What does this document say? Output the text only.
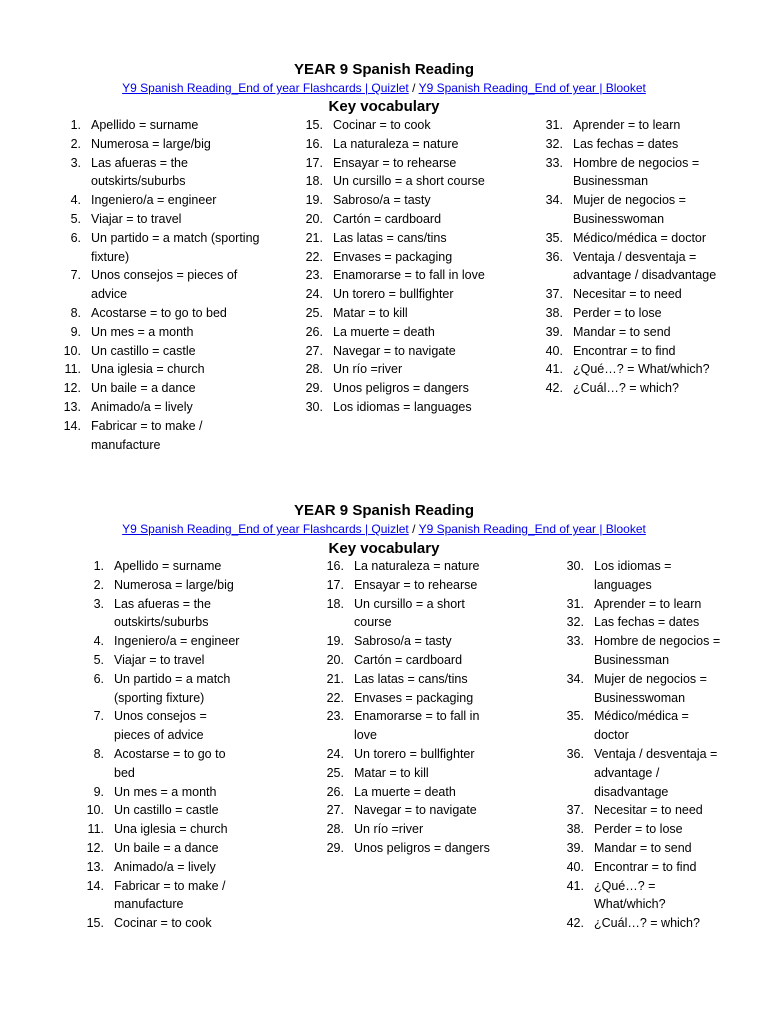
YEAR 9 Spanish Reading
Y9 Spanish Reading_End of year Flashcards | Quizlet / Y9 Spanish Reading_End of year | Blooket
Key vocabulary
1. Apellido = surname
2. Numerosa = large/big
3. Las afueras = the outskirts/suburbs
4. Ingeniero/a = engineer
5. Viajar = to travel
6. Un partido = a match (sporting fixture)
7. Unos consejos = pieces of advice
8. Acostarse = to go to bed
9. Un mes = a month
10. Un castillo = castle
11. Una iglesia = church
12. Un baile = a dance
13. Animado/a = lively
14. Fabricar = to make / manufacture
15. Cocinar = to cook
16. La naturaleza = nature
17. Ensayar = to rehearse
18. Un cursillo = a short course
19. Sabroso/a = tasty
20. Cartón = cardboard
21. Las latas = cans/tins
22. Envases = packaging
23. Enamorarse = to fall in love
24. Un torero = bullfighter
25. Matar = to kill
26. La muerte = death
27. Navegar = to navigate
28. Un río =river
29. Unos peligros = dangers
30. Los idiomas = languages
31. Aprender = to learn
32. Las fechas = dates
33. Hombre de negocios = Businessman
34. Mujer de negocios = Businesswoman
35. Médico/médica = doctor
36. Ventaja / desventaja = advantage / disadvantage
37. Necesitar = to need
38. Perder = to lose
39. Mandar = to send
40. Encontrar = to find
41. ¿Qué…? = What/which?
42. ¿Cuál…? = which?
YEAR 9 Spanish Reading
Y9 Spanish Reading_End of year Flashcards | Quizlet / Y9 Spanish Reading_End of year | Blooket
Key vocabulary
1. Apellido = surname
2. Numerosa = large/big
3. Las afueras = the outskirts/suburbs
4. Ingeniero/a = engineer
5. Viajar = to travel
6. Un partido = a match (sporting fixture)
7. Unos consejos = pieces of advice
8. Acostarse = to go to bed
9. Un mes = a month
10. Un castillo = castle
11. Una iglesia = church
12. Un baile = a dance
13. Animado/a = lively
14. Fabricar = to make / manufacture
15. Cocinar = to cook
16. La naturaleza = nature
17. Ensayar = to rehearse
18. Un cursillo = a short course
19. Sabroso/a = tasty
20. Cartón = cardboard
21. Las latas = cans/tins
22. Envases = packaging
23. Enamorarse = to fall in love
24. Un torero = bullfighter
25. Matar = to kill
26. La muerte = death
27. Navegar = to navigate
28. Un río =river
29. Unos peligros = dangers
30. Los idiomas = languages
31. Aprender = to learn
32. Las fechas = dates
33. Hombre de negocios = Businessman
34. Mujer de negocios = Businesswoman
35. Médico/médica = doctor
36. Ventaja / desventaja = advantage / disadvantage
37. Necesitar = to need
38. Perder = to lose
39. Mandar = to send
40. Encontrar = to find
41. ¿Qué…? = What/which?
42. ¿Cuál…? = which?
